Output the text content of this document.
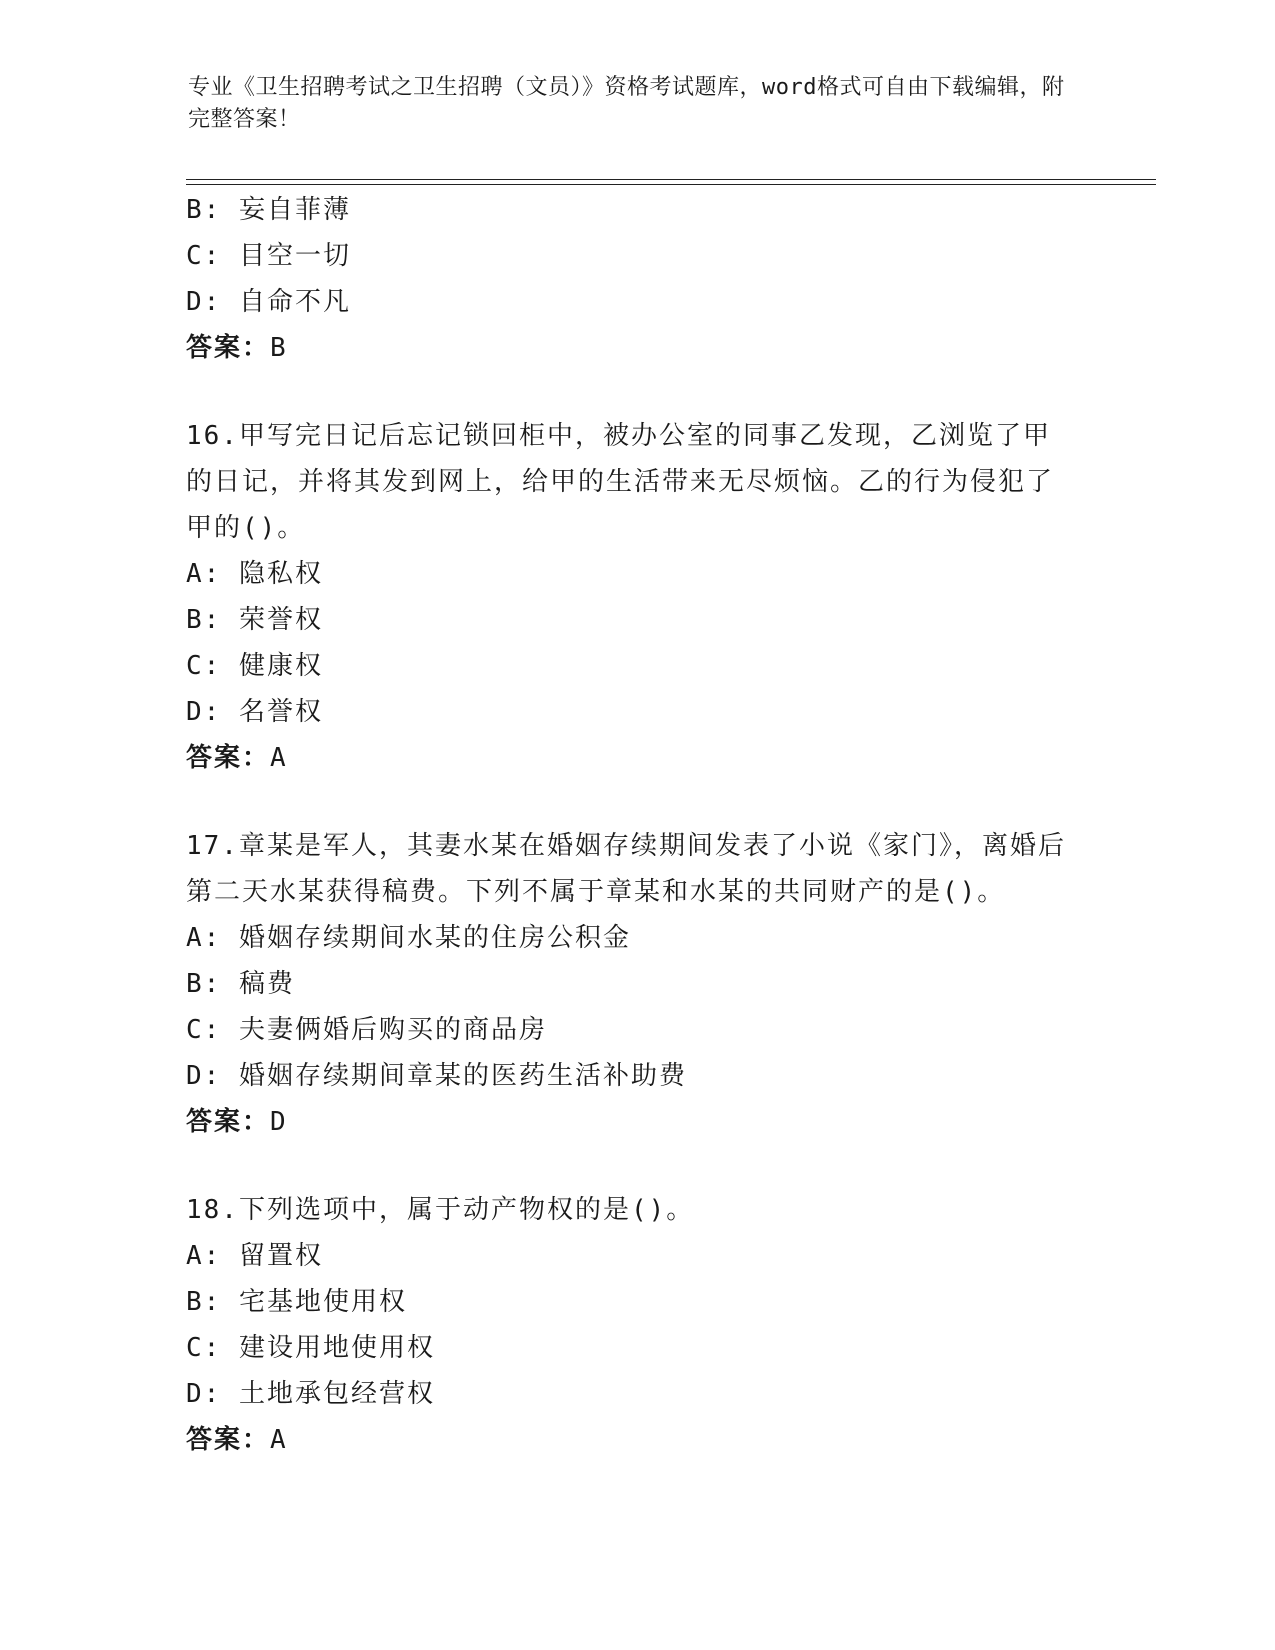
专业《卫生招聘考试之卫生招聘（文员）》资格考试题库，word格式可自由下载编辑，附完整答案！
B: 妄自菲薄
C: 目空一切
D: 自命不凡
答案：B
16.甲写完日记后忘记锁回柜中，被办公室的同事乙发现，乙浏览了甲的日记，并将其发到网上，给甲的生活带来无尽烦恼。乙的行为侵犯了甲的()。
A: 隐私权
B: 荣誉权
C: 健康权
D: 名誉权
答案：A
17.章某是军人，其妻水某在婚姻存续期间发表了小说《家门》，离婚后第二天水某获得稿费。下列不属于章某和水某的共同财产的是()。
A: 婚姻存续期间水某的住房公积金
B: 稿费
C: 夫妻俩婚后购买的商品房
D: 婚姻存续期间章某的医药生活补助费
答案：D
18.下列选项中，属于动产物权的是()。
A: 留置权
B: 宅基地使用权
C: 建设用地使用权
D: 土地承包经营权
答案：A
